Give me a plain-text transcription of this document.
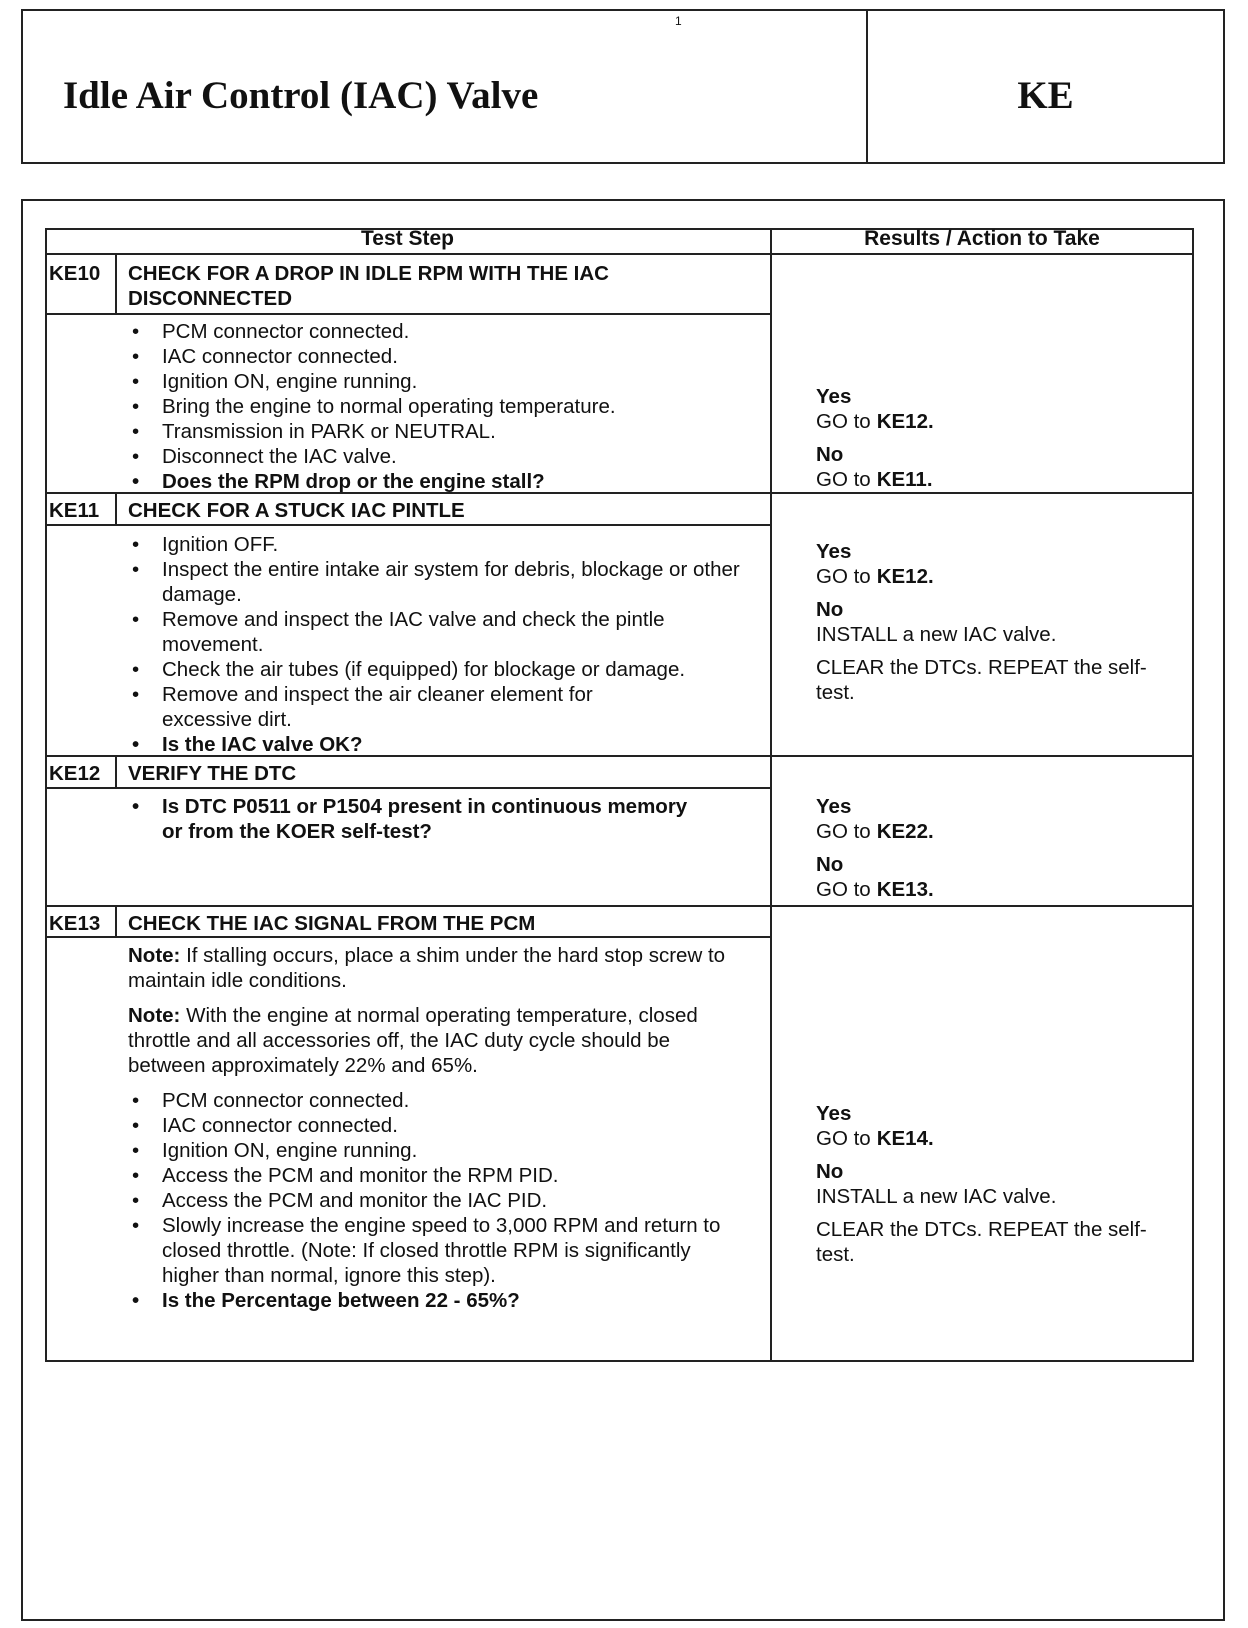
1
Idle Air Control (IAC) Valve	KE
Test Step	Results / Action to Take
KE10 CHECK FOR A DROP IN IDLE RPM WITH THE IAC DISCONNECTED
• PCM connector connected.
• IAC connector connected.
• Ignition ON, engine running.
• Bring the engine to normal operating temperature.
• Transmission in PARK or NEUTRAL.
• Disconnect the IAC valve.
• Does the RPM drop or the engine stall?
Yes
GO to KE12.
No
GO to KE11.
KE11 CHECK FOR A STUCK IAC PINTLE
• Ignition OFF.
• Inspect the entire intake air system for debris, blockage or other damage.
• Remove and inspect the IAC valve and check the pintle movement.
• Check the air tubes (if equipped) for blockage or damage.
• Remove and inspect the air cleaner element for excessive dirt.
• Is the IAC valve OK?
Yes
GO to KE12.
No
INSTALL a new IAC valve.
CLEAR the DTCs. REPEAT the self-test.
KE12 VERIFY THE DTC
• Is DTC P0511 or P1504 present in continuous memory or from the KOER self-test?
Yes
GO to KE22.
No
GO to KE13.
KE13 CHECK THE IAC SIGNAL FROM THE PCM
Note: If stalling occurs, place a shim under the hard stop screw to maintain idle conditions.
Note: With the engine at normal operating temperature, closed throttle and all accessories off, the IAC duty cycle should be between approximately 22% and 65%.
• PCM connector connected.
• IAC connector connected.
• Ignition ON, engine running.
• Access the PCM and monitor the RPM PID.
• Access the PCM and monitor the IAC PID.
• Slowly increase the engine speed to 3,000 RPM and return to closed throttle. (Note: If closed throttle RPM is significantly higher than normal, ignore this step).
• Is the Percentage between 22 - 65%?
Yes
GO to KE14.
No
INSTALL a new IAC valve.
CLEAR the DTCs. REPEAT the self-test.
